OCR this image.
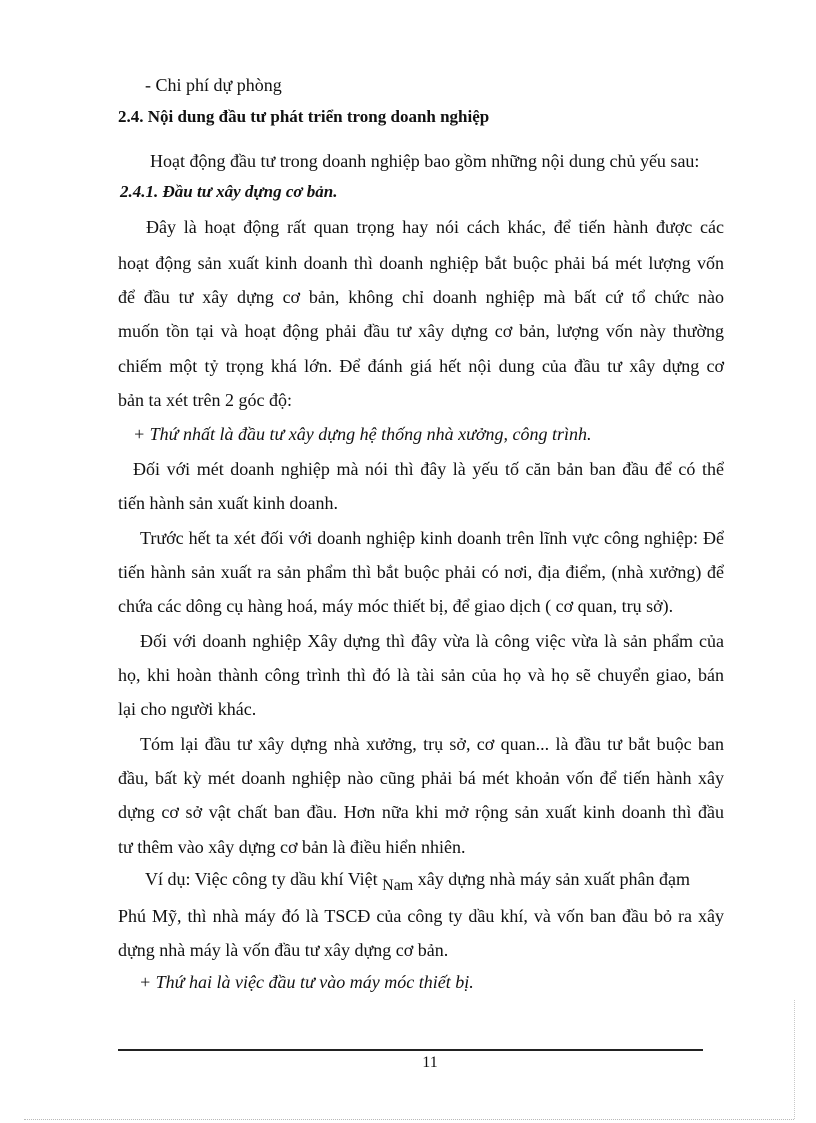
- Chi phí dự phòng
2.4. Nội dung đầu tư phát triển trong doanh nghiệp
Hoạt động đầu tư trong doanh nghiệp bao gồm những nội dung chủ yếu sau:
2.4.1. Đầu tư xây dựng cơ bản.
Đây là hoạt động rất quan trọng hay nói cách khác, để tiến hành được các
hoạt động sản xuất kinh doanh thì doanh nghiệp bắt buộc phải bá mét lượng vốn
để đầu tư xây dựng cơ bản, không chỉ doanh nghiệp mà bất cứ tổ chức nào
muốn tồn tại và hoạt động phải đầu tư xây dựng cơ bản, lượng vốn này thường
chiếm một tỷ trọng khá lớn. Để đánh giá hết nội dung của đầu tư xây dựng cơ
bản ta xét trên 2 góc độ:
+ Thứ nhất là đầu tư xây dựng hệ thống nhà xưởng, công trình.
Đối với mét doanh nghiệp mà nói thì đây là yếu tố căn bản ban đầu để có thể
tiến hành sản xuất kinh doanh.
Trước hết ta xét đối với doanh nghiệp kinh doanh trên lĩnh vực công nghiệp: Để
tiến hành sản xuất ra sản phẩm thì bắt buộc phải có nơi, địa điểm, (nhà xưởng) để
chứa các dông cụ hàng hoá, máy móc thiết bị, để giao dịch ( cơ quan, trụ sở).
Đối với doanh nghiệp Xây dựng thì đây vừa là công việc vừa là sản phẩm của
họ, khi hoàn thành công trình thì đó là tài sản của họ và họ sẽ chuyển giao, bán
lại cho người khác.
Tóm lại đầu tư xây dựng nhà xưởng, trụ sở, cơ quan... là đầu tư bắt buộc ban
đầu, bất kỳ mét doanh nghiệp nào cũng phải bá mét khoản vốn để tiến hành xây
dựng cơ sở vật chất ban đầu. Hơn nữa khi mở rộng sản xuất kinh doanh thì đầu
tư thêm vào xây dựng cơ bản là điều hiển nhiên.
Ví dụ: Việc công ty dầu khí Việt Nam xây dựng nhà máy sản xuất phân đạm
Phú Mỹ, thì nhà máy đó là TSCĐ của công ty dầu khí, và vốn ban đầu bỏ ra xây
dựng nhà máy là vốn đầu tư xây dựng cơ bản.
+ Thứ hai là việc đầu tư vào máy móc thiết bị.
11
